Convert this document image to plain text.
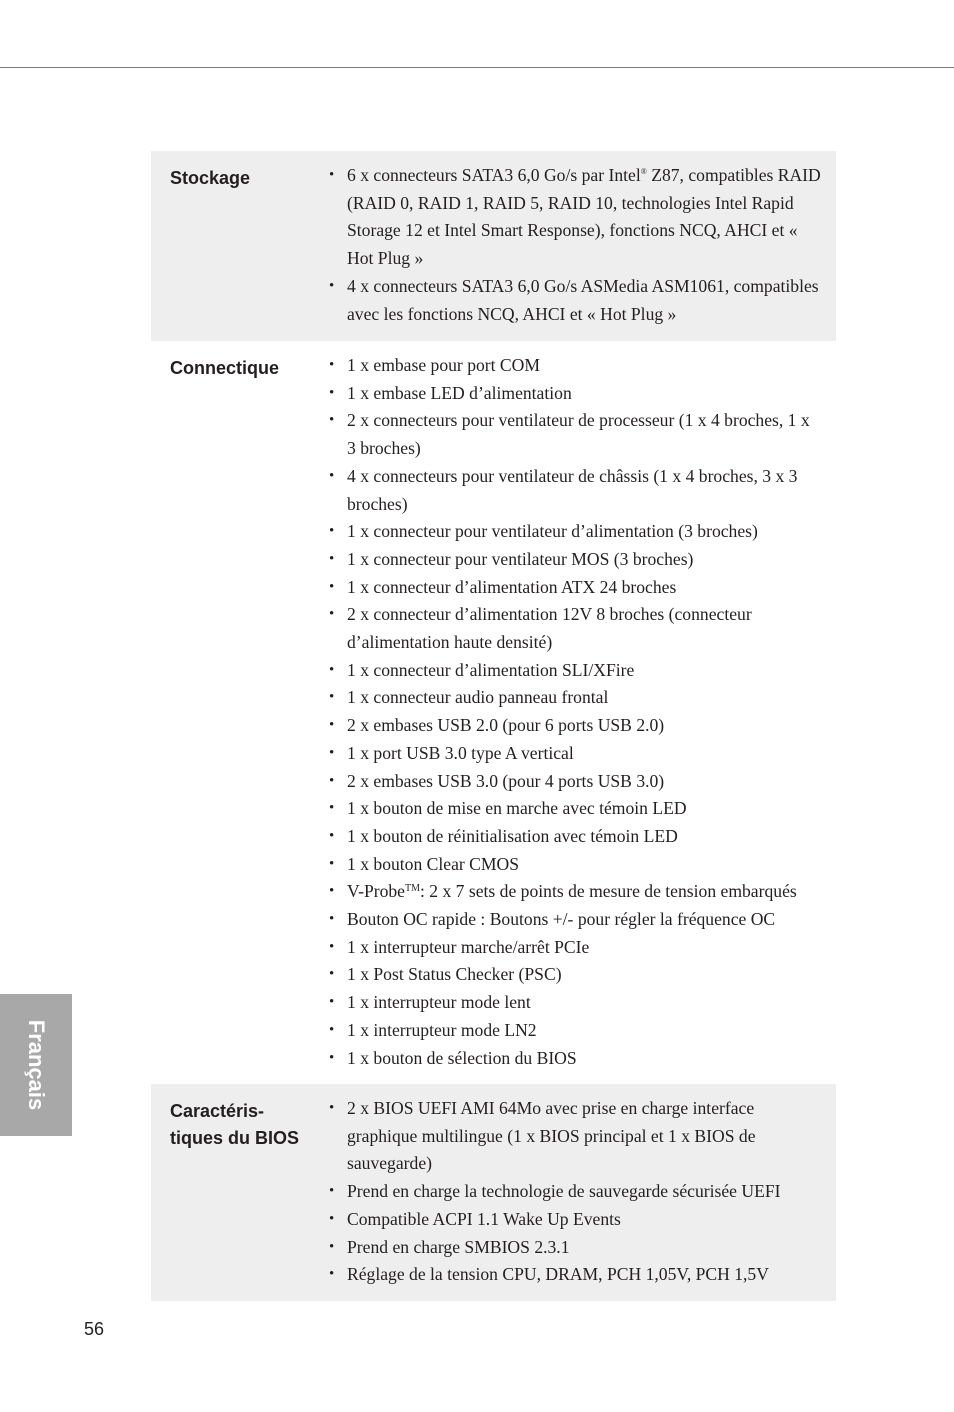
Stockage	• 6 x connecteurs SATA3 6,0 Go/s par Intel® Z87, compatibles RAID (RAID 0, RAID 1, RAID 5, RAID 10, technologies Intel Rapid Storage 12 et Intel Smart Response), fonctions NCQ, AHCI et « Hot Plug »
• 4 x connecteurs SATA3 6,0 Go/s ASMedia ASM1061, compatibles avec les fonctions NCQ, AHCI et « Hot Plug »
Connectique	• 1 x embase pour port COM
• 1 x embase LED d’alimentation
• 2 x connecteurs pour ventilateur de processeur (1 x 4 broches, 1 x 3 broches)
• 4 x connecteurs pour ventilateur de châssis (1 x 4 broches, 3 x 3 broches)
• 1 x connecteur pour ventilateur d’alimentation (3 broches)
• 1 x connecteur pour ventilateur MOS (3 broches)
• 1 x connecteur d’alimentation ATX 24 broches
• 2 x connecteur d’alimentation 12V 8 broches (connecteur d’alimentation haute densité)
• 1 x connecteur d’alimentation SLI/XFire
• 1 x connecteur audio panneau frontal
• 2 x embases USB 2.0 (pour 6 ports USB 2.0)
• 1 x port USB 3.0 type A vertical
• 2 x embases USB 3.0 (pour 4 ports USB 3.0)
• 1 x bouton de mise en marche avec témoin LED
• 1 x bouton de réinitialisation avec témoin LED
• 1 x bouton Clear CMOS
• V-Probe™: 2 x 7 sets de points de mesure de tension embarqués
• Bouton OC rapide : Boutons +/- pour régler la fréquence OC
• 1 x interrupteur marche/arrêt PCIe
• 1 x Post Status Checker (PSC)
• 1 x interrupteur mode lent
• 1 x interrupteur mode LN2
• 1 x bouton de sélection du BIOS
Caractéris-
tiques du BIOS
• 2 x BIOS UEFI AMI 64Mo avec prise en charge interface graphique multilingue (1 x BIOS principal et 1 x BIOS de sauvegarde)
• Prend en charge la technologie de sauvegarde sécurisée UEFI
• Compatible ACPI 1.1 Wake Up Events
• Prend en charge SMBIOS 2.3.1
• Réglage de la tension CPU, DRAM, PCH 1,05V, PCH 1,5V
Français
56
